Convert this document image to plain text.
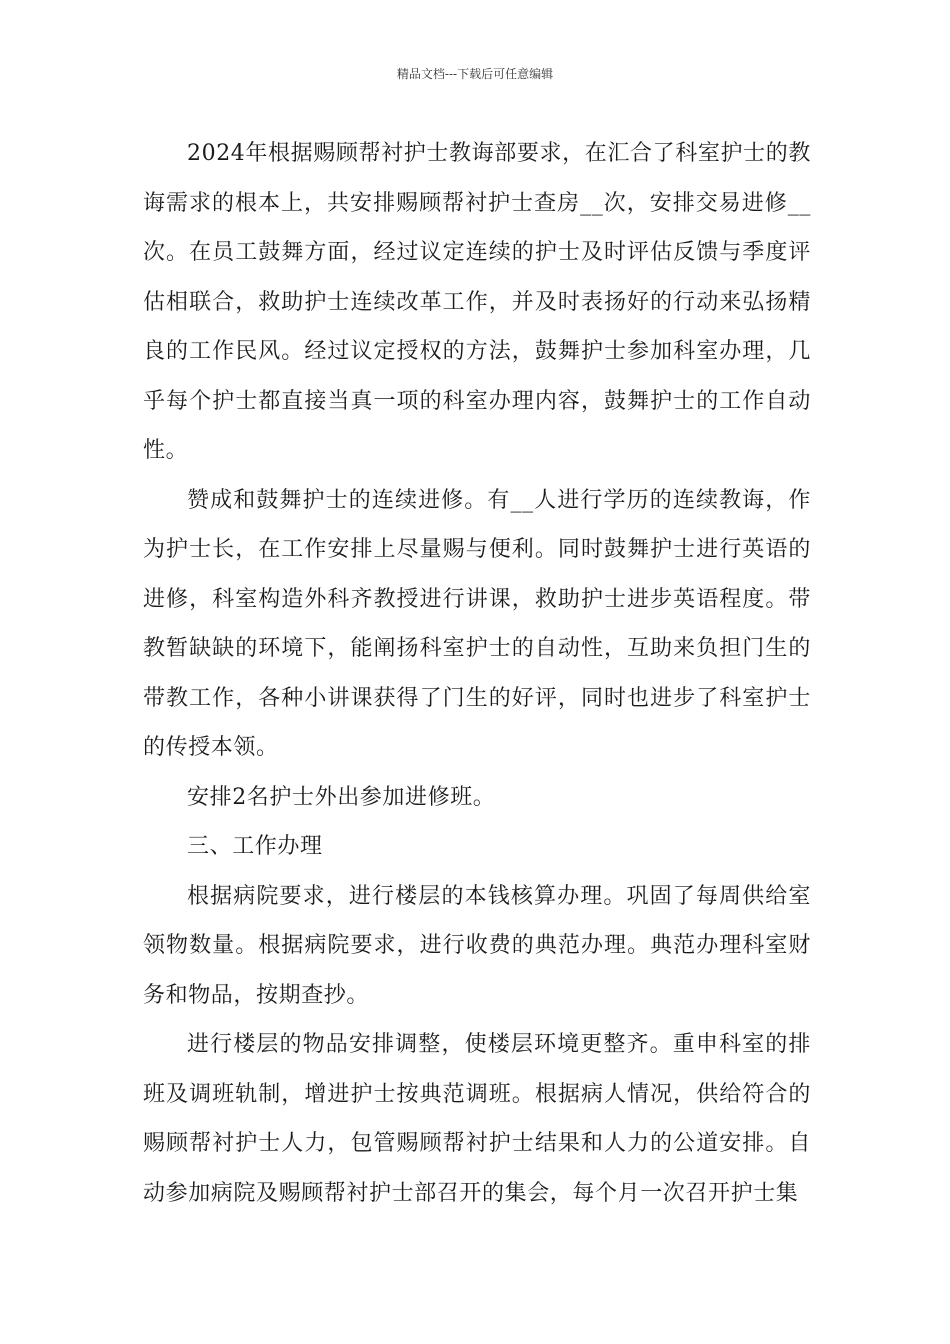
精品文档---下载后可任意编辑

2024年根据赐顾帮衬护士教诲部要求，在汇合了科室护士的教诲需求的根本上，共安排赐顾帮衬护士查房__次，安排交易进修__次。在员工鼓舞方面，经过议定连续的护士及时评估反馈与季度评估相联合，救助护士连续改革工作，并及时表扬好的行动来弘扬精良的工作民风。经过议定授权的方法，鼓舞护士参加科室办理，几乎每个护士都直接当真一项的科室办理内容，鼓舞护士的工作自动性。

赞成和鼓舞护士的连续进修。有__人进行学历的连续教诲，作为护士长，在工作安排上尽量赐与便利。同时鼓舞护士进行英语的进修，科室构造外科齐教授进行讲课，救助护士进步英语程度。带教暂缺缺的环境下，能阐扬科室护士的自动性，互助来负担门生的带教工作，各种小讲课获得了门生的好评，同时也进步了科室护士的传授本领。

安排2名护士外出参加进修班。

三、工作办理

根据病院要求，进行楼层的本钱核算办理。巩固了每周供给室领物数量。根据病院要求，进行收费的典范办理。典范办理科室财务和物品，按期查抄。

进行楼层的物品安排调整，使楼层环境更整齐。重申科室的排班及调班轨制，增进护士按典范调班。根据病人情况，供给符合的赐顾帮衬护士人力，包管赐顾帮衬护士结果和人力的公道安排。自动参加病院及赐顾帮衬护士部召开的集会，每个月一次召开护士集
